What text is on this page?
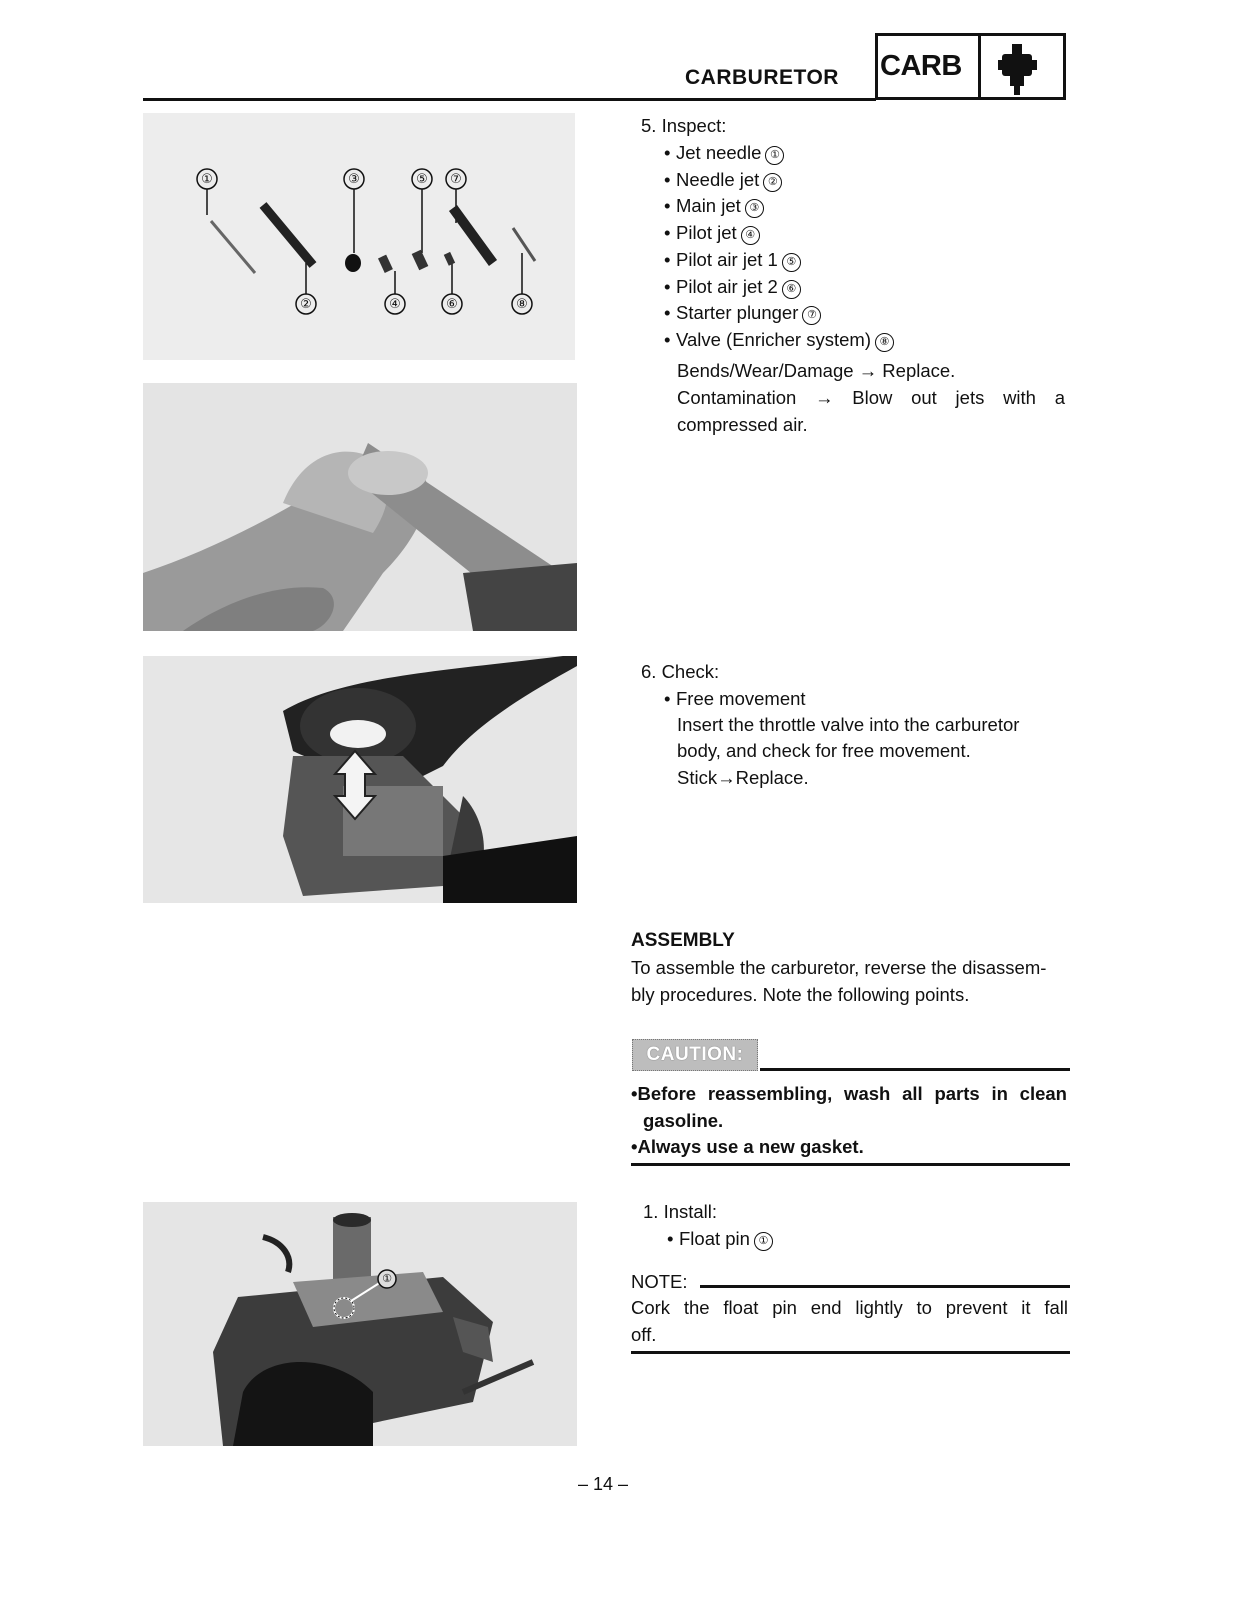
CARBURETOR CARB
①	③	⑤	⑦
②	④	⑥	⑧
①
5. Inspect:
• Jet needle ①
• Needle jet ②
• Main jet ③
• Pilot jet ④
• Pilot air jet 1 ⑤
• Pilot air jet 2 ⑥
• Starter plunger ⑦
• Valve (Enricher system) ⑧
Bends/Wear/Damage → Replace.
Contamination → Blow out jets with a
compressed air.
6. Check:
• Free movement
Insert the throttle valve into the carburetor
body, and check for free movement.
Stick→Replace.
ASSEMBLY
To assemble the carburetor, reverse the disassem-
bly procedures. Note the following points.
CAUTION:
•Before reassembling, wash all parts in clean
gasoline.
•Always use a new gasket.
1. Install:
• Float pin ①
NOTE:
Cork the float pin end lightly to prevent it fall
off.
– 14 –
